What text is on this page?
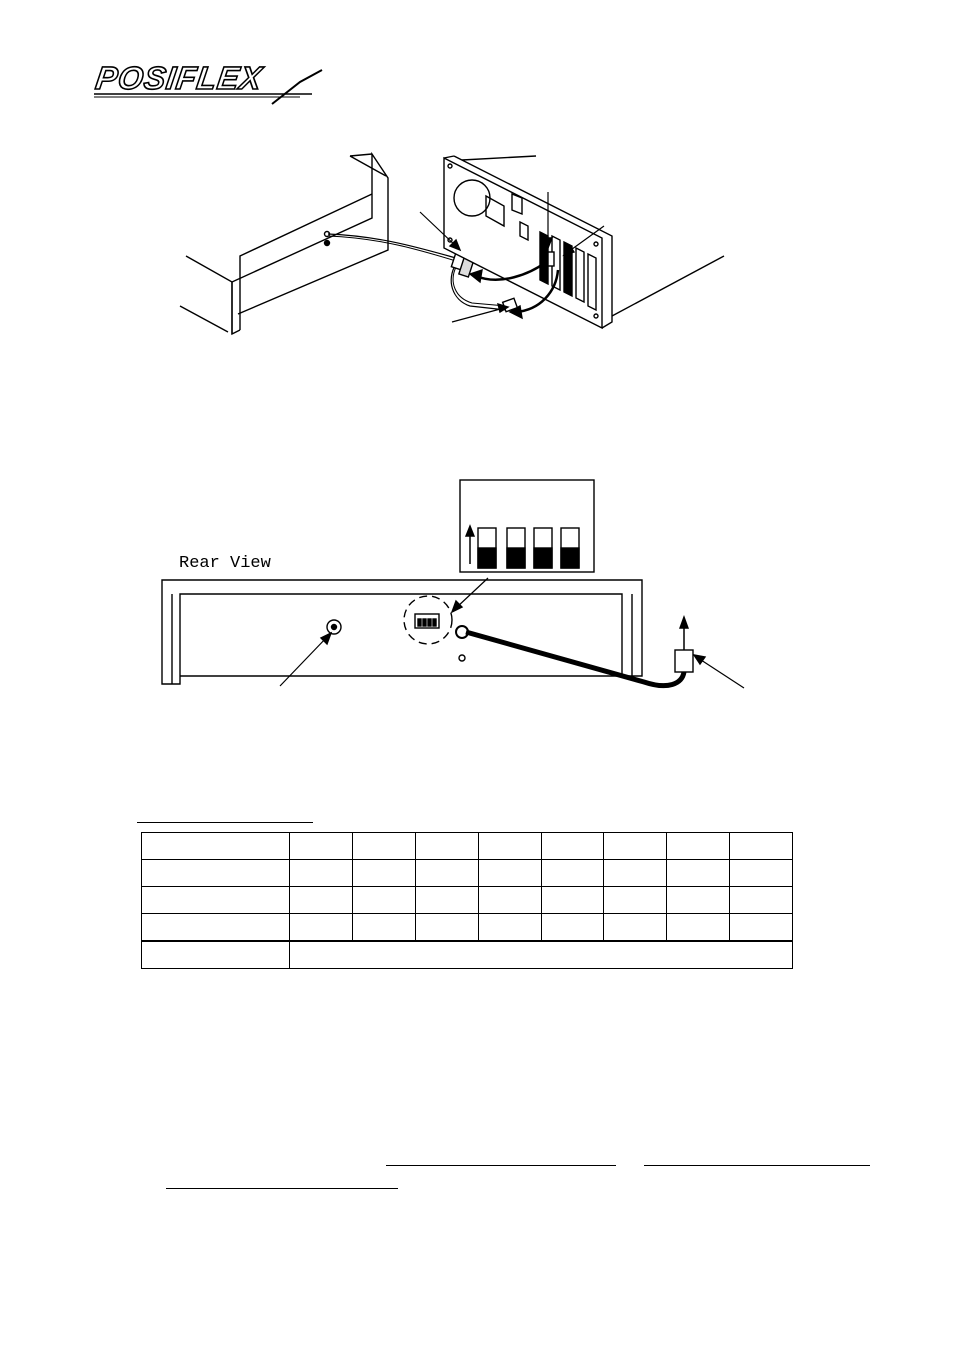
POSIFLEX
Rear View
